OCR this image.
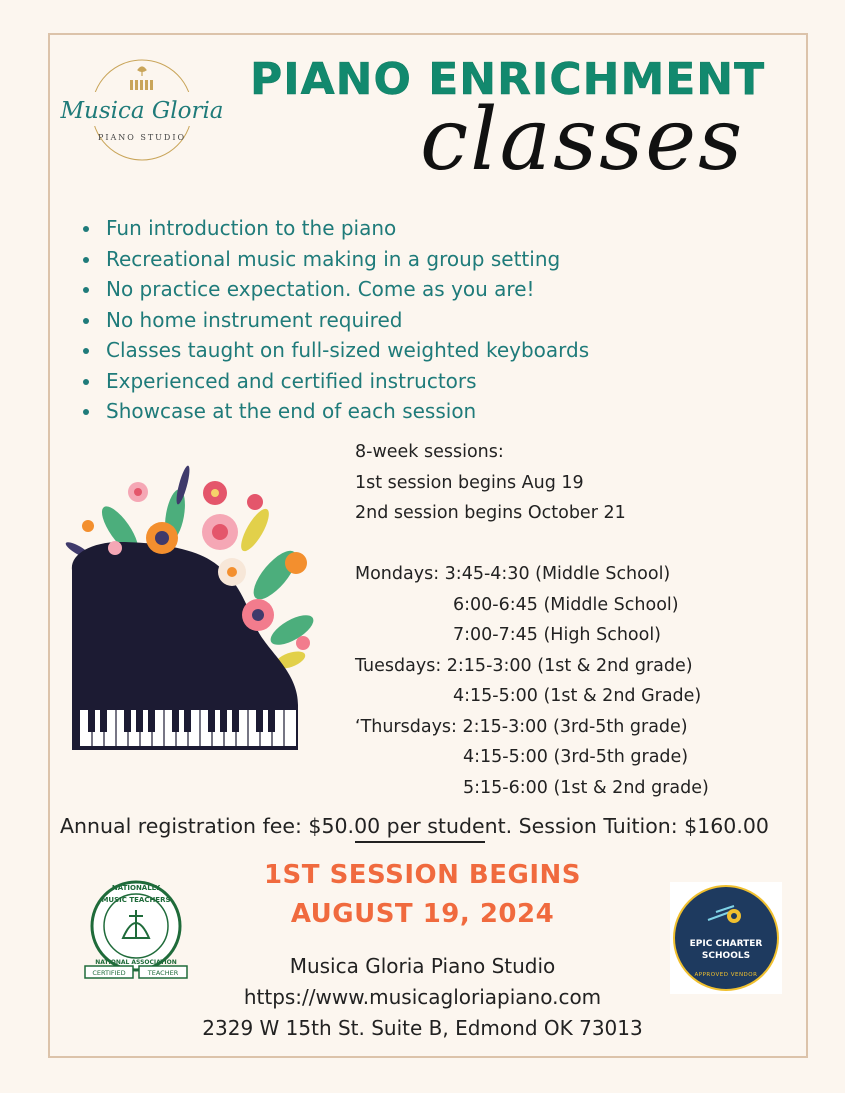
Musica Gloria
PIANO STUDIO
PIANO ENRICHMENT
classes
• Fun introduction to the piano
• Recreational music making in a group setting
• No practice expectation. Come as you are!
• No home instrument required
• Classes taught on full-sized weighted keyboards
• Experienced and certified instructors
• Showcase at the end of each session
8-week sessions:
1st session begins Aug 19
2nd session begins October 21
Mondays: 3:45-4:30 (Middle School)
6:00-6:45 (Middle School)
7:00-7:45 (High School)
Tuesdays: 2:15-3:00 (1st & 2nd grade)
4:15-5:00 (1st & 2nd Grade)
‘Thursdays: 2:15-3:00 (3rd-5th grade)
4:15-5:00 (3rd-5th grade)
5:15-6:00 (1st & 2nd grade)
Annual registration fee: $50.00 per student. Session Tuition: $160.00
1ST SESSION BEGINS
AUGUST 19, 2024
Musica Gloria Piano Studio
https://www.musicagloriapiano.com
2329 W 15th St. Suite B, Edmond OK 73013
NATIONALLY
MUSIC TEACHERS
NATIONAL ASSOCIATION
CERTIFIED	TEACHER
EPIC CHARTER
SCHOOLS
APPROVED VENDOR
